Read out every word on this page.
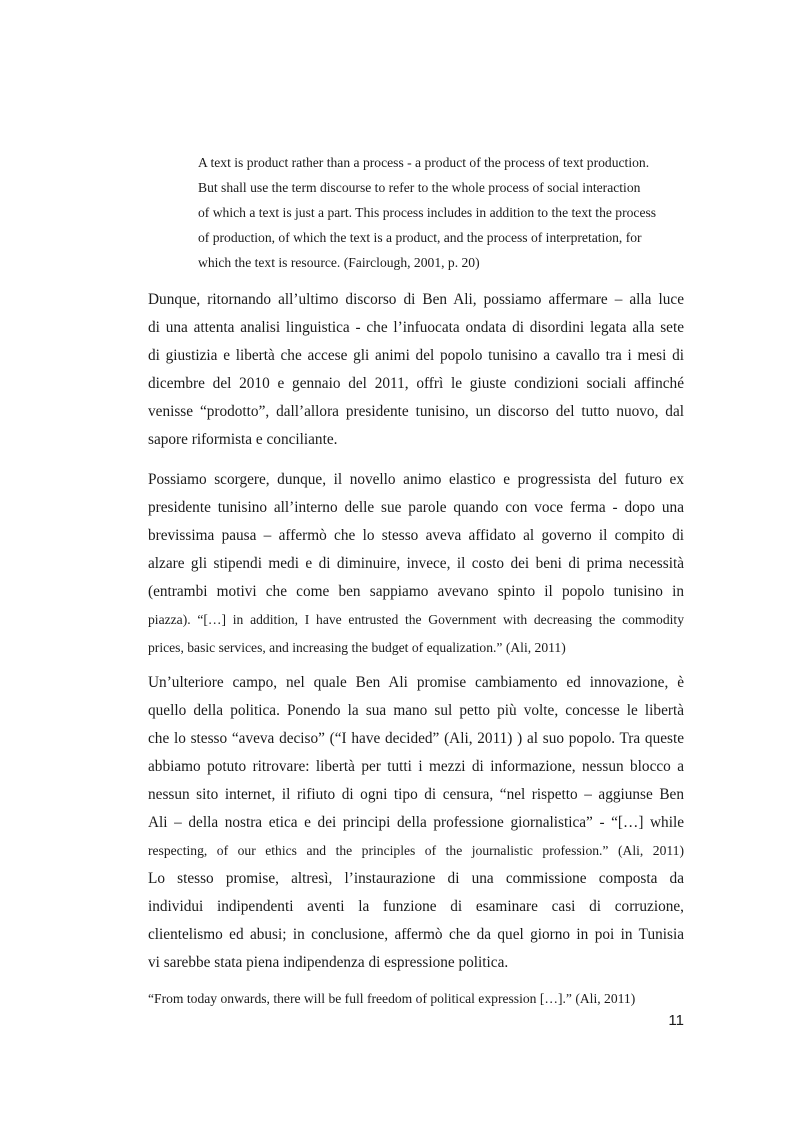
A text is product rather than a process - a product of the process of text production.
But shall use the term discourse to refer to the whole process of social interaction
of which a text is just a part. This process includes in addition to the text the process
of production, of which the text is a product, and the process of interpretation, for
which the text is resource. (Fairclough, 2001, p. 20)
Dunque, ritornando all’ultimo discorso di Ben Ali, possiamo affermare – alla luce
di una attenta analisi linguistica - che l’infuocata ondata di disordini legata alla sete
di giustizia e libertà che accese gli animi del popolo tunisino a cavallo tra i mesi di
dicembre del 2010 e gennaio del 2011, offrì le giuste condizioni sociali affinché
venisse “prodotto”, dall’allora presidente tunisino, un discorso del tutto nuovo, dal
sapore riformista e conciliante.
Possiamo scorgere, dunque, il novello animo elastico e progressista del futuro ex
presidente tunisino all’interno delle sue parole quando con voce ferma - dopo una
brevissima pausa – affermò che lo stesso aveva affidato al governo il compito di
alzare gli stipendi medi e di diminuire, invece, il costo dei beni di prima necessità
(entrambi motivi che come ben sappiamo avevano spinto il popolo tunisino in
piazza). “[…] in addition, I have entrusted the Government with decreasing the commodity
prices, basic services, and increasing the budget of equalization.” (Ali, 2011)
Un’ulteriore campo, nel quale Ben Ali promise cambiamento ed innovazione, è
quello della politica. Ponendo la sua mano sul petto più volte, concesse le libertà
che lo stesso “aveva deciso” (“I have decided” (Ali, 2011) ) al suo popolo. Tra queste
abbiamo potuto ritrovare: libertà per tutti i mezzi di informazione, nessun blocco a
nessun sito internet, il rifiuto di ogni tipo di censura, “nel rispetto – aggiunse Ben
Ali – della nostra etica e dei principi della professione giornalistica” - “[…] while
respecting, of our ethics and the principles of the journalistic profession.” (Ali, 2011)
Lo stesso promise, altresì, l’instaurazione di una commissione composta da
individui indipendenti aventi la funzione di esaminare casi di corruzione,
clientelismo ed abusi; in conclusione, affermò che da quel giorno in poi in Tunisia
vi sarebbe stata piena indipendenza di espressione politica.
“From today onwards, there will be full freedom of political expression […].” (Ali, 2011)
11
